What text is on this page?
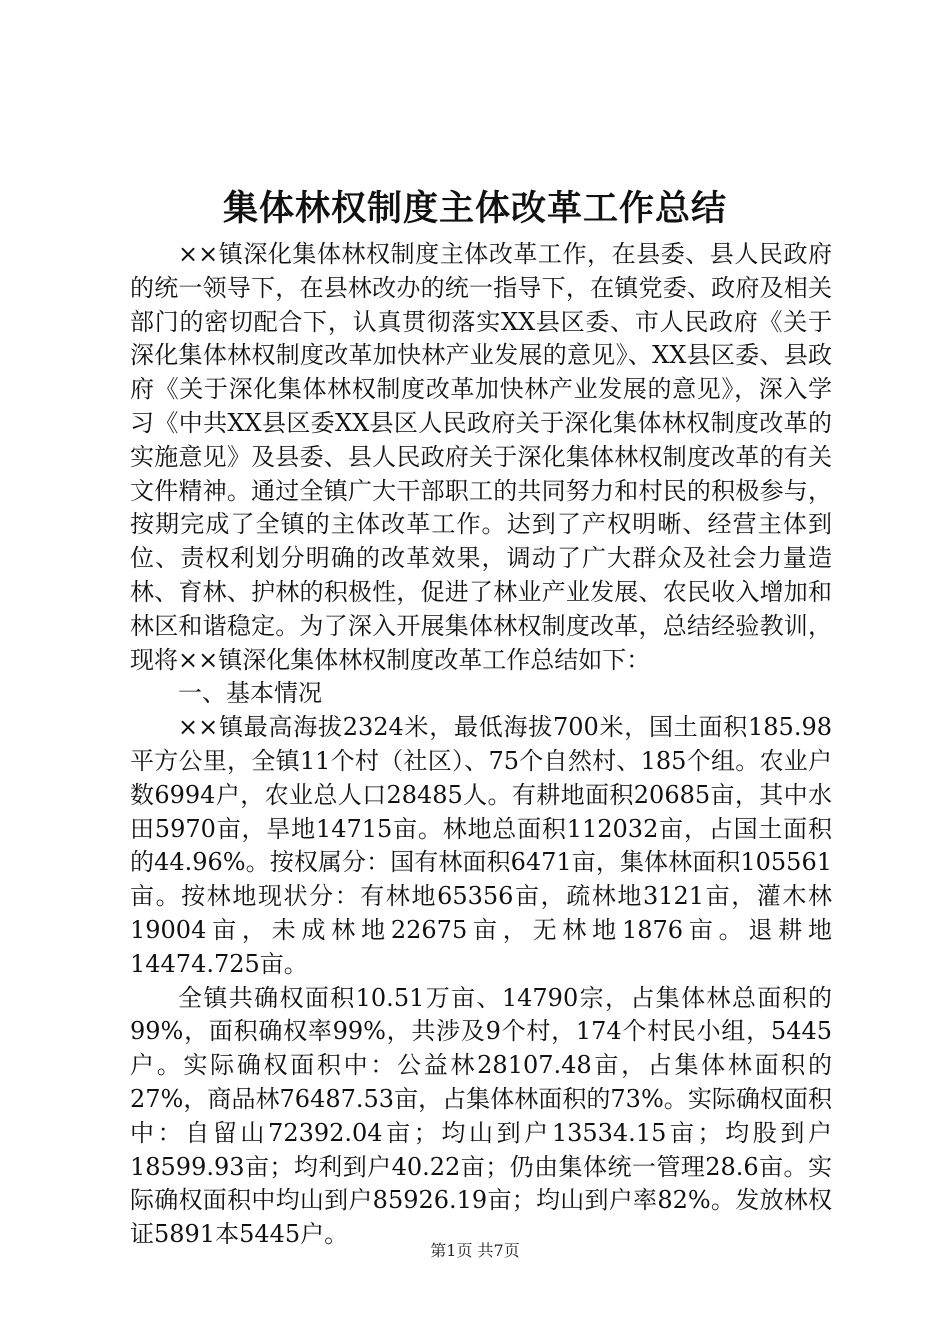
集体林权制度主体改革工作总结

××镇深化集体林权制度主体改革工作，在县委、县人民政府的统一领导下，在县林改办的统一指导下，在镇党委、政府及相关部门的密切配合下，认真贯彻落实XX县区委、市人民政府《关于深化集体林权制度改革加快林产业发展的意见》、XX县区委、县政府《关于深化集体林权制度改革加快林产业发展的意见》，深入学习《中共XX县区委XX县区人民政府关于深化集体林权制度改革的实施意见》及县委、县人民政府关于深化集体林权制度改革的有关文件精神。通过全镇广大干部职工的共同努力和村民的积极参与，按期完成了全镇的主体改革工作。达到了产权明晰、经营主体到位、责权利划分明确的改革效果，调动了广大群众及社会力量造林、育林、护林的积极性，促进了林业产业发展、农民收入增加和林区和谐稳定。为了深入开展集体林权制度改革，总结经验教训，现将××镇深化集体林权制度改革工作总结如下：

一、基本情况

××镇最高海拔2324米，最低海拔700米，国土面积185.98平方公里，全镇11个村（社区）、75个自然村、185个组。农业户数6994户，农业总人口28485人。有耕地面积20685亩，其中水田5970亩，旱地14715亩。林地总面积112032亩，占国土面积的44.96%。按权属分：国有林面积6471亩，集体林面积105561亩。按林地现状分：有林地65356亩，疏林地3121亩，灌木林19004亩，未成林地22675亩，无林地1876亩。退耕地14474.725亩。

全镇共确权面积10.51万亩、14790宗，占集体林总面积的99%，面积确权率99%，共涉及9个村，174个村民小组，5445户。实际确权面积中：公益林28107.48亩，占集体林面积的27%，商品林76487.53亩，占集体林面积的73%。实际确权面积中：自留山72392.04亩；均山到户13534.15亩；均股到户18599.93亩；均利到户40.22亩；仍由集体统一管理28.6亩。实际确权面积中均山到户85926.19亩；均山到户率82%。发放林权证5891本5445户。

第1页 共7页
